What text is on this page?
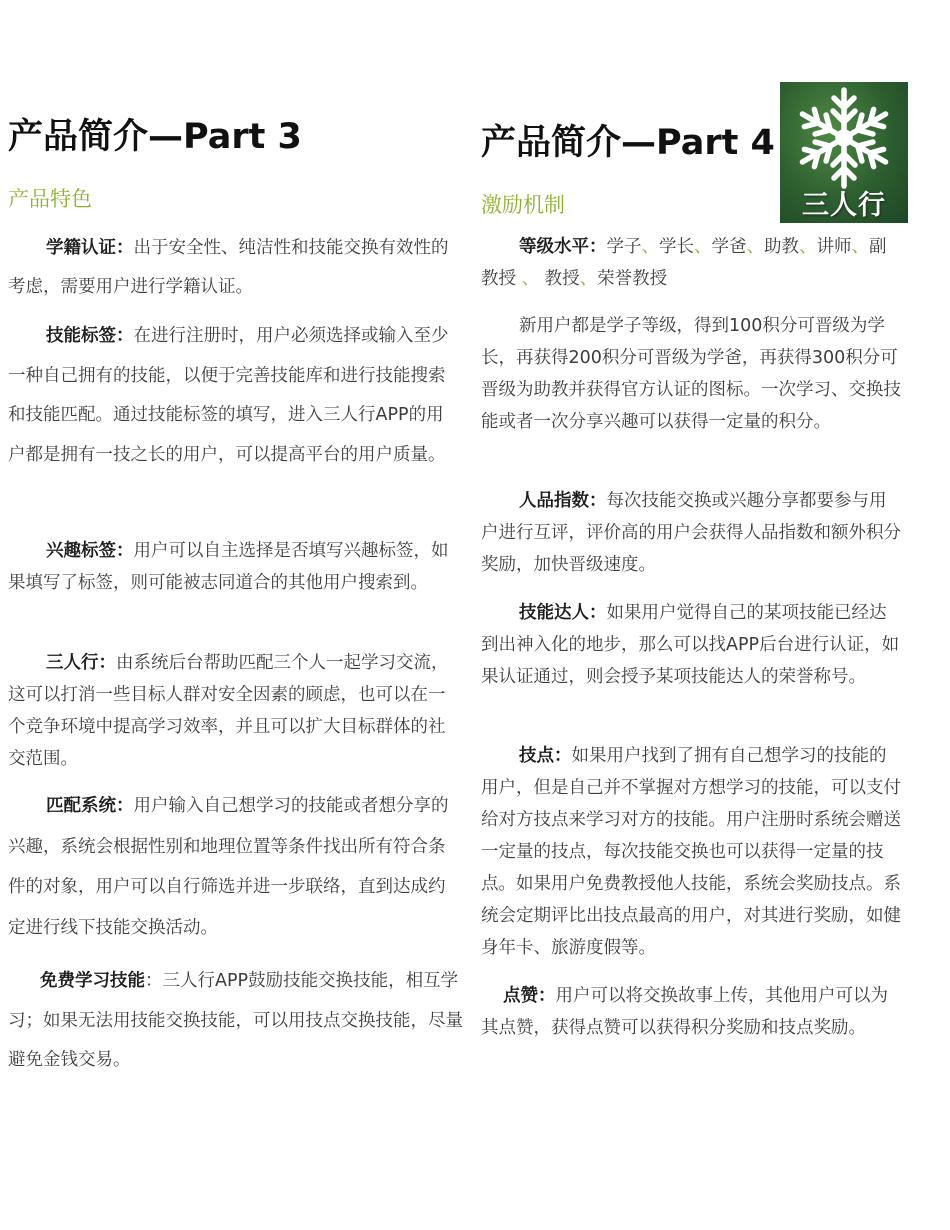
产品简介—Part 3
产品特色

学籍认证：出于安全性、纯洁性和技能交换有效性的考虑，需要用户进行学籍认证。

技能标签：在进行注册时，用户必须选择或输入至少一种自己拥有的技能，以便于完善技能库和进行技能搜索和技能匹配。通过技能标签的填写，进入三人行APP的用户都是拥有一技之长的用户，可以提高平台的用户质量。

兴趣标签：用户可以自主选择是否填写兴趣标签，如果填写了标签，则可能被志同道合的其他用户搜索到。

三人行：由系统后台帮助匹配三个人一起学习交流，这可以打消一些目标人群对安全因素的顾虑，也可以在一个竞争环境中提高学习效率，并且可以扩大目标群体的社交范围。

匹配系统：用户输入自己想学习的技能或者想分享的兴趣，系统会根据性别和地理位置等条件找出所有符合条件的对象，用户可以自行筛选并进一步联络，直到达成约定进行线下技能交换活动。

免费学习技能：三人行APP鼓励技能交换技能，相互学习；如果无法用技能交换技能，可以用技点交换技能，尽量避免金钱交易。

产品简介—Part 4
激励机制

等级水平：学子、学长、学爸、助教、讲师、副教授 、 教授、荣誉教授

新用户都是学子等级，得到100积分可晋级为学长，再获得200积分可晋级为学爸，再获得300积分可晋级为助教并获得官方认证的图标。一次学习、交换技能或者一次分享兴趣可以获得一定量的积分。

人品指数：每次技能交换或兴趣分享都要参与用户进行互评，评价高的用户会获得人品指数和额外积分奖励，加快晋级速度。

技能达人：如果用户觉得自己的某项技能已经达到出神入化的地步，那么可以找APP后台进行认证，如果认证通过，则会授予某项技能达人的荣誉称号。

技点：如果用户找到了拥有自己想学习的技能的用户，但是自己并不掌握对方想学习的技能，可以支付给对方技点来学习对方的技能。用户注册时系统会赠送一定量的技点，每次技能交换也可以获得一定量的技点。如果用户免费教授他人技能，系统会奖励技点。系统会定期评比出技点最高的用户，对其进行奖励，如健身年卡、旅游度假等。

点赞：用户可以将交换故事上传，其他用户可以为其点赞，获得点赞可以获得积分奖励和技点奖励。

三人行
